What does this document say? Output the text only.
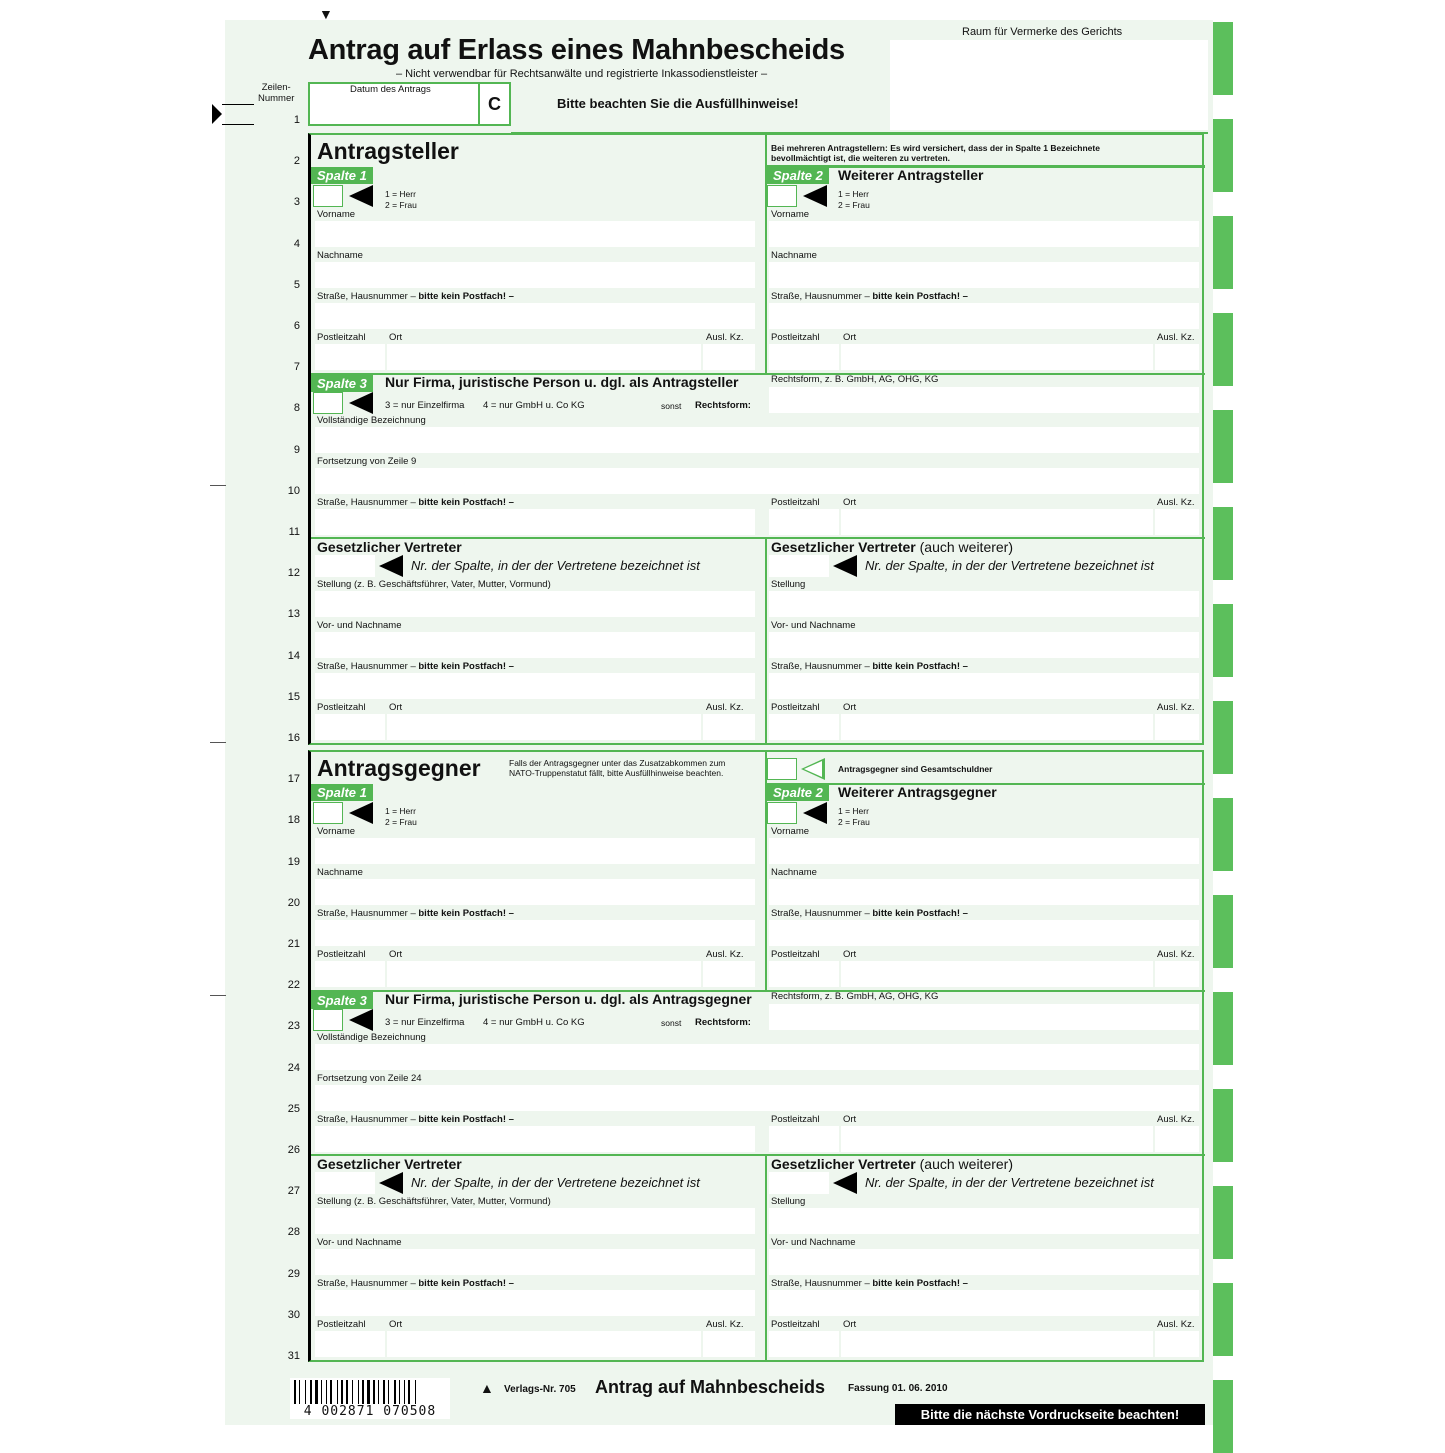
Raum für Vermerke des Gerichts
▼
Antrag auf Erlass eines Mahnbescheids
– Nicht verwendbar für Rechtsanwälte und registrierte Inkassodienstleister –
Zeilen-
Nummer
Datum des Antrags
C	Bitte beachten Sie die Ausfüllhinweise!
1
2
3
4
5
6
7
8
9
10
11
12
13
14
15
16
17
18
19
20
21
22
23
24
25
26
27
28
29
30
31
Antragsteller	Bei mehreren Antragstellern: Es wird versichert, dass der in Spalte 1 Bezeichnete
bevollmächtigt ist, die weiteren zu vertreten.
Spalte 1
1 = Herr
2 = Frau
Vorname
Nachname
Straße, Hausnummer – bitte kein Postfach! –
Postleitzahl Ort	Ausl. Kz.
Spalte 2	Weiterer Antragsteller
1 = Herr
2 = Frau
Vorname
Nachname
Straße, Hausnummer – bitte kein Postfach! –
Postleitzahl Ort	Ausl. Kz.
Spalte 3	Nur Firma, juristische Person u. dgl. als Antragsteller	Rechtsform, z. B. GmbH, AG, OHG, KG
3 = nur Einzelfirma 4 = nur GmbH u. Co KG	sonst Rechtsform:
Vollständige Bezeichnung
Fortsetzung von Zeile 9
Straße, Hausnummer – bitte kein Postfach! –	Postleitzahl Ort	Ausl. Kz.
Gesetzlicher Vertreter
Nr. der Spalte, in der der Vertretene bezeichnet ist
Stellung (z. B. Geschäftsführer, Vater, Mutter, Vormund)
Vor- und Nachname
Straße, Hausnummer – bitte kein Postfach! –
Postleitzahl Ort	Ausl. Kz.
Gesetzlicher Vertreter (auch weiterer)
Nr. der Spalte, in der der Vertretene bezeichnet ist
Stellung
Vor- und Nachname
Straße, Hausnummer – bitte kein Postfach! –
Postleitzahl Ort	Ausl. Kz.
Antragsgegner	Falls der Antragsgegner unter das Zusatzabkommen zum
NATO-Truppenstatut fällt, bitte Ausfüllhinweise beachten.	Antragsgegner sind Gesamtschuldner
Spalte 1
1 = Herr
2 = Frau
Vorname
Nachname
Straße, Hausnummer – bitte kein Postfach! –
Postleitzahl Ort	Ausl. Kz.
Spalte 2	Weiterer Antragsgegner
1 = Herr
2 = Frau
Vorname
Nachname
Straße, Hausnummer – bitte kein Postfach! –
Postleitzahl Ort	Ausl. Kz.
Spalte 3	Nur Firma, juristische Person u. dgl. als Antragsgegner Rechtsform, z. B. GmbH, AG, OHG, KG
3 = nur Einzelfirma 4 = nur GmbH u. Co KG	sonst Rechtsform:
Vollständige Bezeichnung
Fortsetzung von Zeile 24
Straße, Hausnummer – bitte kein Postfach! –	Postleitzahl Ort	Ausl. Kz.
Gesetzlicher Vertreter
Nr. der Spalte, in der der Vertretene bezeichnet ist
Stellung (z. B. Geschäftsführer, Vater, Mutter, Vormund)
Vor- und Nachname
Straße, Hausnummer – bitte kein Postfach! –
Postleitzahl Ort	Ausl. Kz.
Gesetzlicher Vertreter (auch weiterer)
Nr. der Spalte, in der der Vertretene bezeichnet ist
Stellung
Vor- und Nachname
Straße, Hausnummer – bitte kein Postfach! –
Postleitzahl Ort	Ausl. Kz.
4 002871 070508
▲ Verlags-Nr. 705 Antrag auf Mahnbescheids Fassung 01. 06. 2010
Bitte die nächste Vordruckseite beachten!
